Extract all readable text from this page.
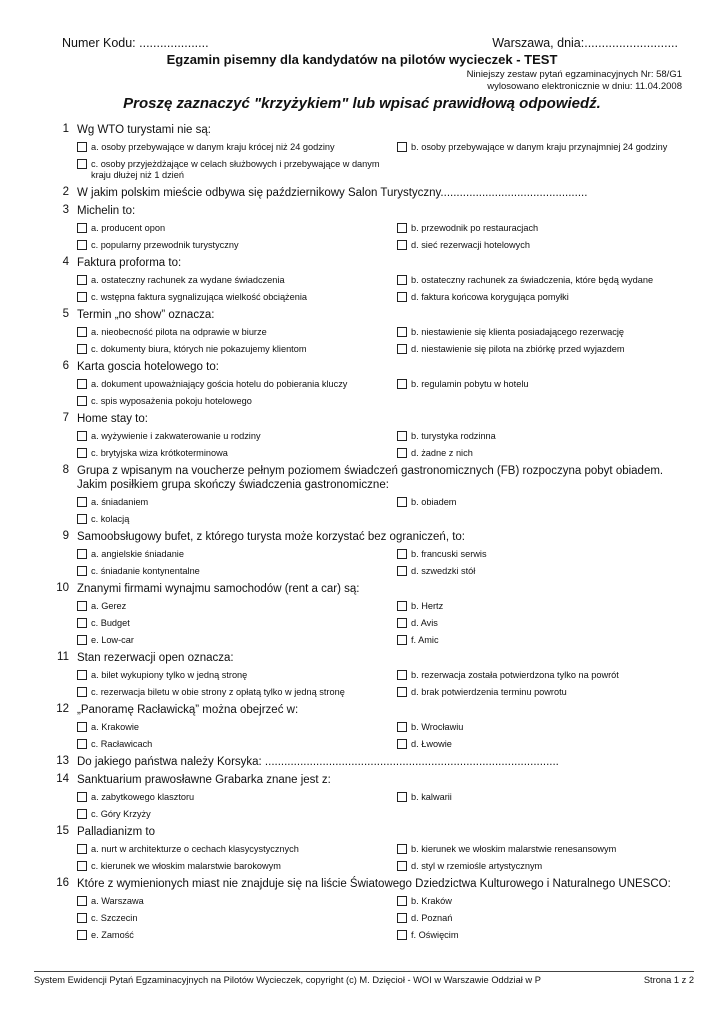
Numer Kodu: ....................	Warszawa, dnia:...........................
Egzamin pisemny dla kandydatów na pilotów wycieczek - TEST
Niniejszy zestaw pytań egzaminacyjnych Nr: 58/G1
wylosowano elektronicznie w dniu: 11.04.2008
Proszę zaznaczyć "krzyżykiem" lub wpisać prawidłową odpowiedź.
1 Wg WTO turystami nie są:
a. osoby przebywające w danym kraju krócej niż 24 godziny	b. osoby przebywające w danym kraju przynajmniej 24 godziny
c. osoby przyjeżdżające w celach służbowych i przebywające w danym kraju dłużej niż 1 dzień
2 W jakim polskim mieście odbywa się październikowy Salon Turystyczny..............................................
3 Michelin to:
a. producent opon	b. przewodnik po restauracjach
c. popularny przewodnik turystyczny	d. sieć rezerwacji hotelowych
4 Faktura proforma to:
a. ostateczny rachunek za wydane świadczenia	b. ostateczny rachunek za świadczenia, które będą wydane
c. wstępna faktura sygnalizująca wielkość obciążenia	d. faktura końcowa korygująca pomyłki
5 Termin „no show” oznacza:
a. nieobecność pilota na odprawie w biurze	b. niestawienie się klienta posiadającego rezerwację
c. dokumenty biura, których nie pokazujemy klientom	d. niestawienie się pilota na zbiórkę przed wyjazdem
6 Karta goscia hotelowego to:
a. dokument upoważniający gościa hotelu do pobierania kluczy	b. regulamin pobytu w hotelu
c. spis wyposażenia pokoju hotelowego
7 Home stay to:
a. wyżywienie i zakwaterowanie u rodziny	b. turystyka rodzinna
c. brytyjska wiza krótkoterminowa	d. żadne z nich
8 Grupa z wpisanym na voucherze pełnym poziomem świadczeń gastronomicznych (FB) rozpoczyna pobyt obiadem. Jakim posiłkiem grupa skończy świadczenia gastronomiczne:
a. śniadaniem	b. obiadem
c. kolacją
9 Samoobsługowy bufet, z którego turysta może korzystać bez ograniczeń, to:
a. angielskie śniadanie	b. francuski serwis
c. śniadanie kontynentalne	d. szwedzki stół
10 Znanymi firmami wynajmu samochodów (rent a car) są:
a. Gerez	b. Hertz
c. Budget	d. Avis
e. Low-car	f. Amic
11 Stan rezerwacji open oznacza:
a. bilet wykupiony tylko w jedną stronę	b. rezerwacja została potwierdzona tylko na powrót
c. rezerwacja biletu w obie strony z opłatą tylko w jedną stronę	d. brak potwierdzenia terminu powrotu
12 „Panoramę Racławicką” można obejrzeć w:
a. Krakowie	b. Wrocławiu
c. Racławicach	d. Łwowie
13 Do jakiego państwa należy Korsyka: ............................................................................................
14 Sanktuarium prawosławne Grabarka znane jest z:
a. zabytkowego klasztoru	b. kalwarii
c. Góry Krzyży
15 Palladianizm to
a. nurt w architekturze o cechach klasycystycznych	b. kierunek we włoskim malarstwie renesansowym
c. kierunek we włoskim malarstwie barokowym	d. styl w rzemiośle artystycznym
16 Które z wymienionych miast nie znajduje się na liście Światowego Dziedzictwa Kulturowego i Naturalnego UNESCO:
a. Warszawa	b. Kraków
c. Szczecin	d. Poznań
e. Zamość	f. Oświęcim
System Ewidencji Pytań Egzaminacyjnych na Pilotów Wycieczek, copyright (c) M. Dzięcioł - WOI w Warszawie Oddział w P	Strona 1 z 2
